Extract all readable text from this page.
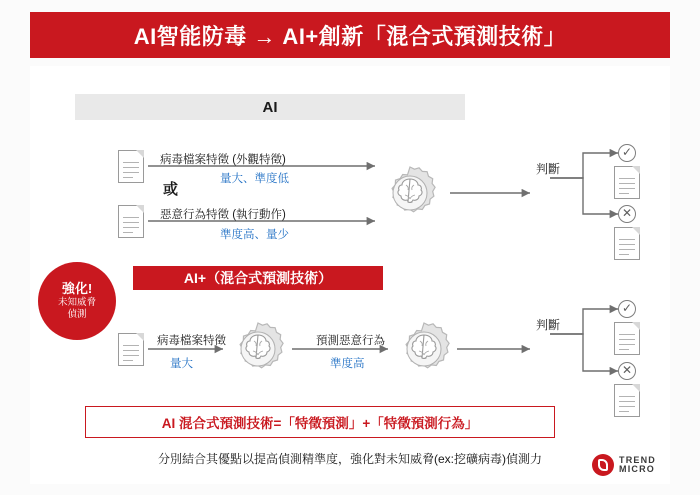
AI智能防毒 → AI+創新「混合式預測技術」
AI
病毒檔案特徵 (外觀特徵)
量大、準度低
或
惡意行為特徵 (執行動作)
準度高、量少
判斷
✓
✕
強化!
未知威脅
偵測
AI+（混合式預測技術）
病毒檔案特徵
量大
預測惡意行為
準度高
判斷
✓
✕
AI 混合式預測技術=「特徵預測」+「特徵預測行為」
分別結合其優點以提高偵測精準度，強化對未知威脅(ex:挖礦病毒)偵測力	TREND
MICRO
